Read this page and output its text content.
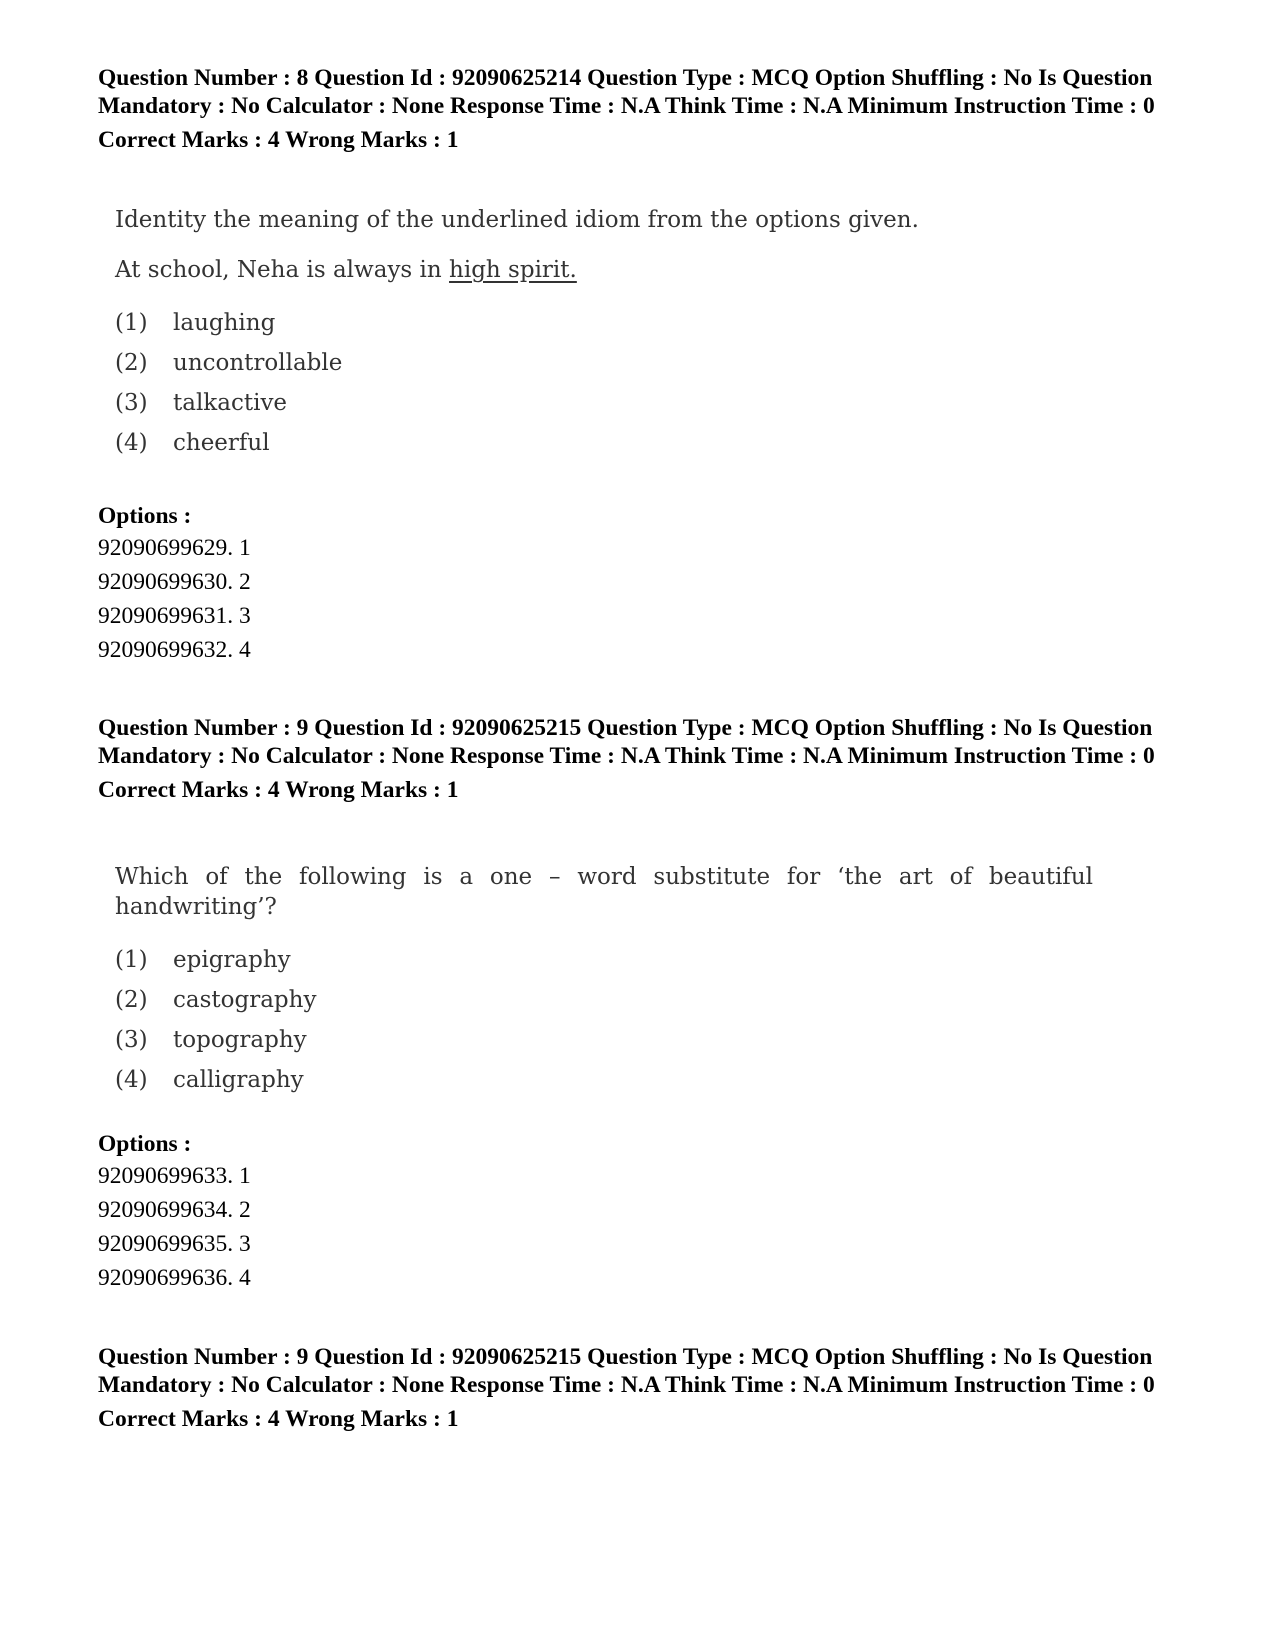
Question Number : 8 Question Id : 92090625214 Question Type : MCQ Option Shuffling : No Is Question Mandatory : No Calculator : None Response Time : N.A Think Time : N.A Minimum Instruction Time : 0

Correct Marks : 4 Wrong Marks : 1

Identity the meaning of the underlined idiom from the options given.

At school, Neha is always in high spirit.

(1)	laughing
(2)	uncontrollable
(3)	talkactive
(4)	cheerful

Options :

92090699629. 1
92090699630. 2
92090699631. 3
92090699632. 4

Question Number : 9 Question Id : 92090625215 Question Type : MCQ Option Shuffling : No Is Question Mandatory : No Calculator : None Response Time : N.A Think Time : N.A Minimum Instruction Time : 0

Correct Marks : 4 Wrong Marks : 1

Which of the following is a one – word substitute for ‘the art of beautiful handwriting’?

(1)	epigraphy
(2)	castography
(3)	topography
(4)	calligraphy

Options :

92090699633. 1
92090699634. 2
92090699635. 3
92090699636. 4

Question Number : 9 Question Id : 92090625215 Question Type : MCQ Option Shuffling : No Is Question Mandatory : No Calculator : None Response Time : N.A Think Time : N.A Minimum Instruction Time : 0

Correct Marks : 4 Wrong Marks : 1
